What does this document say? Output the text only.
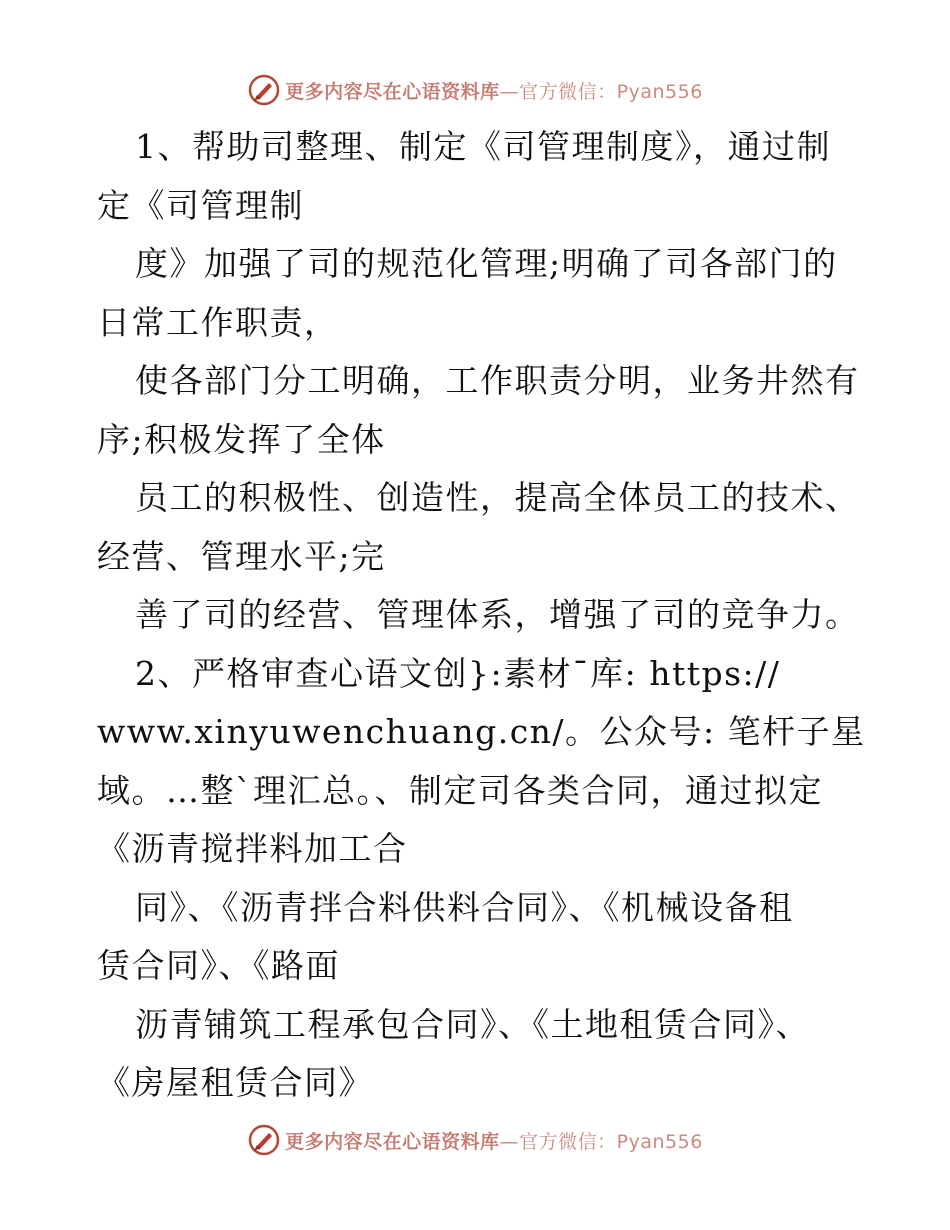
更多内容尽在心语资料库—官方微信：Pyan556
1、帮助司整理、制定《司管理制度》，通过制
定《司管理制
度》加强了司的规范化管理;明确了司各部门的
日常工作职责，
使各部门分工明确，工作职责分明，业务井然有
序;积极发挥了全体
员工的积极性、创造性，提高全体员工的技术、
经营、管理水平;完
善了司的经营、管理体系，增强了司的竞争力。
2、严格审查心语文创}:素材¯库: https://
www.xinyuwenchuang.cn/。公众号: 笔杆子星
域。…整`理汇总。、制定司各类合同，通过拟定
《沥青搅拌料加工合
同》、《沥青拌合料供料合同》、《机械设备租
赁合同》、《路面
沥青铺筑工程承包合同》、《土地租赁合同》、
《房屋租赁合同》
更多内容尽在心语资料库—官方微信：Pyan556
